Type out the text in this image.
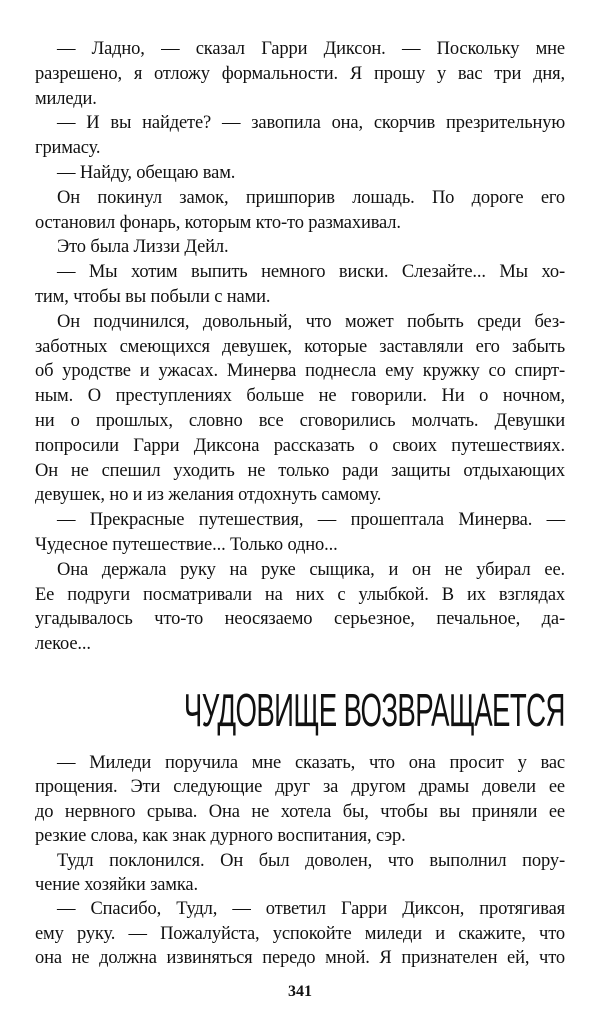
— Ладно, — сказал Гарри Диксон. — Поскольку мне
разрешено, я отложу формальности. Я прошу у вас три дня,
миледи.
— И вы найдете? — завопила она, скорчив презрительную
гримасу.
— Найду, обещаю вам.
Он покинул замок, пришпорив лошадь. По дороге его
остановил фонарь, которым кто-то размахивал.
Это была Лиззи Дейл.
— Мы хотим выпить немного виски. Слезайте... Мы хо-
тим, чтобы вы побыли с нами.
Он подчинился, довольный, что может побыть среди без-
заботных смеющихся девушек, которые заставляли его забыть
об уродстве и ужасах. Минерва поднесла ему кружку со спирт-
ным. О преступлениях больше не говорили. Ни о ночном,
ни о прошлых, словно все сговорились молчать. Девушки
попросили Гарри Диксона рассказать о своих путешествиях.
Он не спешил уходить не только ради защиты отдыхающих
девушек, но и из желания отдохнуть самому.
— Прекрасные путешествия, — прошептала Минерва. —
Чудесное путешествие... Только одно...
Она держала руку на руке сыщика, и он не убирал ее.
Ее подруги посматривали на них с улыбкой. В их взглядах
угадывалось что-то неосязаемо серьезное, печальное, да-
лекое...
ЧУДОВИЩЕ ВОЗВРАЩАЕТСЯ
— Миледи поручила мне сказать, что она просит у вас
прощения. Эти следующие друг за другом драмы довели ее
до нервного срыва. Она не хотела бы, чтобы вы приняли ее
резкие слова, как знак дурного воспитания, сэр.
Тудл поклонился. Он был доволен, что выполнил пору-
чение хозяйки замка.
— Спасибо, Тудл, — ответил Гарри Диксон, протягивая
ему руку. — Пожалуйста, успокойте миледи и скажите, что
она не должна извиняться передо мной. Я признателен ей, что
341
